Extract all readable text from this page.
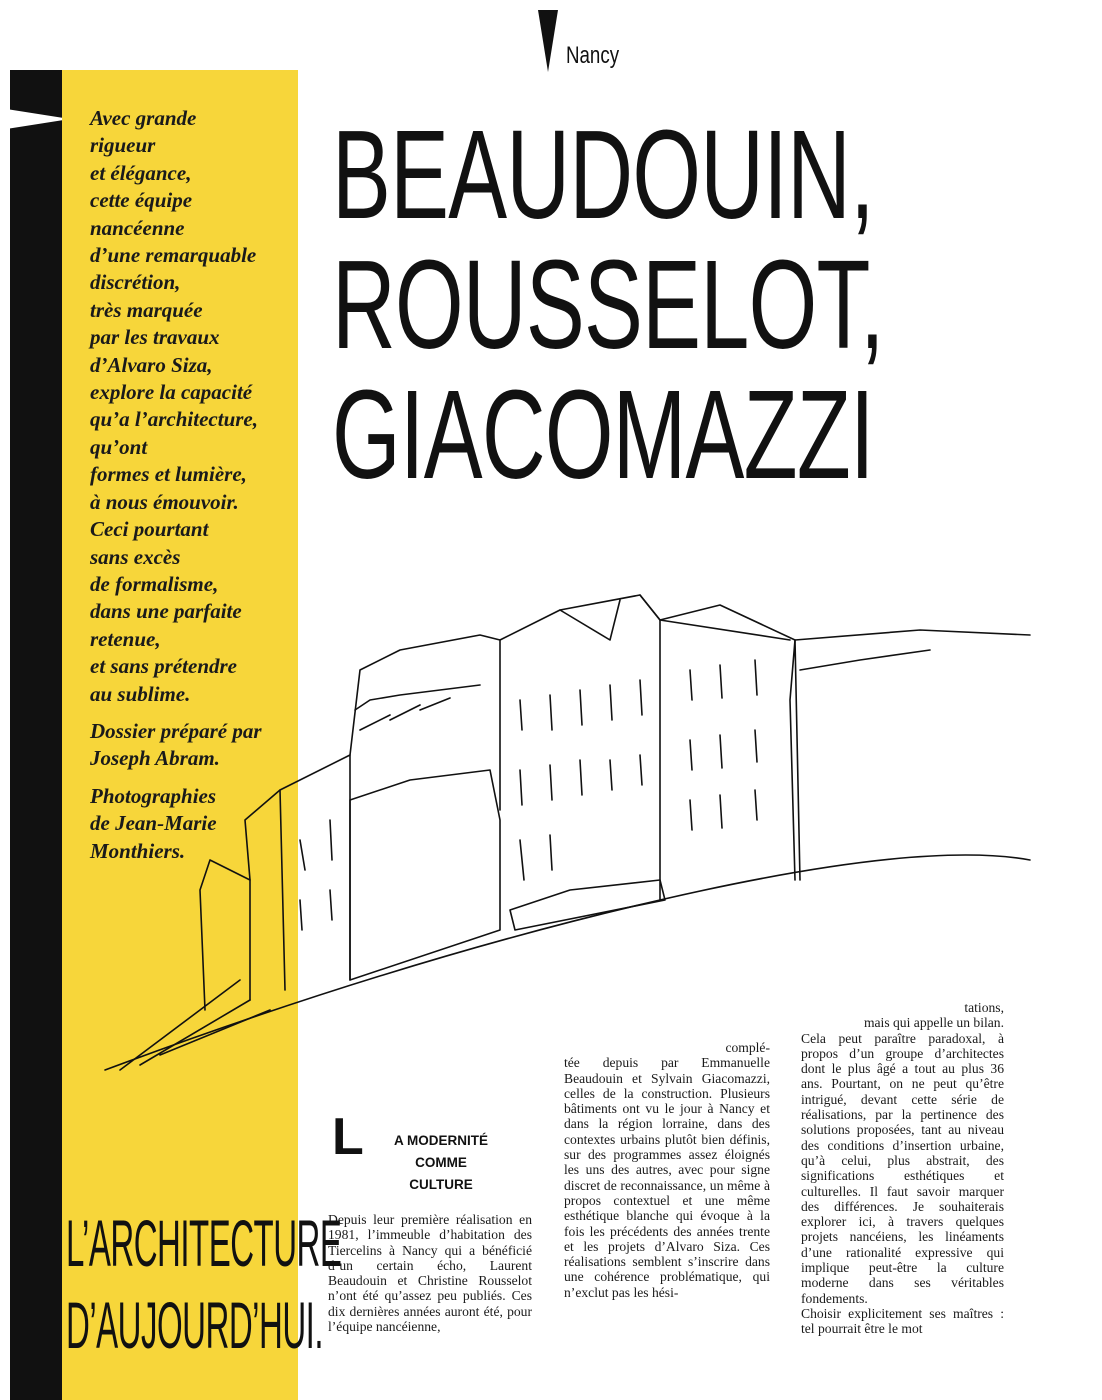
Avec grande
rigueur
et élégance,
cette équipe
nancéenne
d’une remarquable
discrétion,
très marquée
par les travaux
d’Alvaro Siza,
explore la capacité
qu’a l’architecture,
qu’ont
formes et lumière,
à nous émouvoir.
Ceci pourtant
sans excès
de formalisme,
dans une parfaite
retenue,
et sans prétendre
au sublime.

Dossier préparé par
Joseph Abram.

Photographies
de Jean-Marie
Monthiers.

Nancy
BEAUDOUIN,
ROUSSELOT,
GIACOMAZZI
L	A MODERNITÉ
COMME
CULTURE

Depuis leur première réalisation en 1981, l’immeuble d’habitation des Tiercelins à Nancy qui a bénéficié d’un certain écho, Laurent Beaudouin et Christine Rousselot n’ont été qu’assez peu publiés. Ces dix dernières années auront été, pour l’équipe nancéienne,

complé-

tée depuis par Emmanuelle Beaudouin et Sylvain Giacomazzi, celles de la construction. Plusieurs bâtiments ont vu le jour à Nancy et dans la région lorraine, dans des contextes urbains plutôt bien définis, sur des programmes assez éloignés les uns des autres, avec pour signe discret de reconnaissance, un même à propos contextuel et une même esthétique blanche qui évoque à la fois les précédents des années trente et les projets d’Alvaro Siza. Ces réalisations semblent s’inscrire dans une cohérence problématique, qui n’exclut pas les hési-

tations,
mais qui appelle un bilan.

Cela peut paraître paradoxal, à propos d’un groupe d’architectes dont le plus âgé a tout au plus 36 ans. Pourtant, on ne peut qu’être intrigué, devant cette série de réalisations, par la pertinence des solutions proposées, tant au niveau des conditions d’insertion urbaine, qu’à celui, plus abstrait, des significations esthétiques et culturelles. Il faut savoir marquer des différences. Je souhaiterais explorer ici, à travers quelques projets nancéiens, les linéaments d’une rationalité expressive qui implique peut-être la culture moderne dans ses véritables fondements.

Choisir explicitement ses maîtres : tel pourrait être le mot

L’ARCHITECTURE
D’AUJOURD’HUI.
